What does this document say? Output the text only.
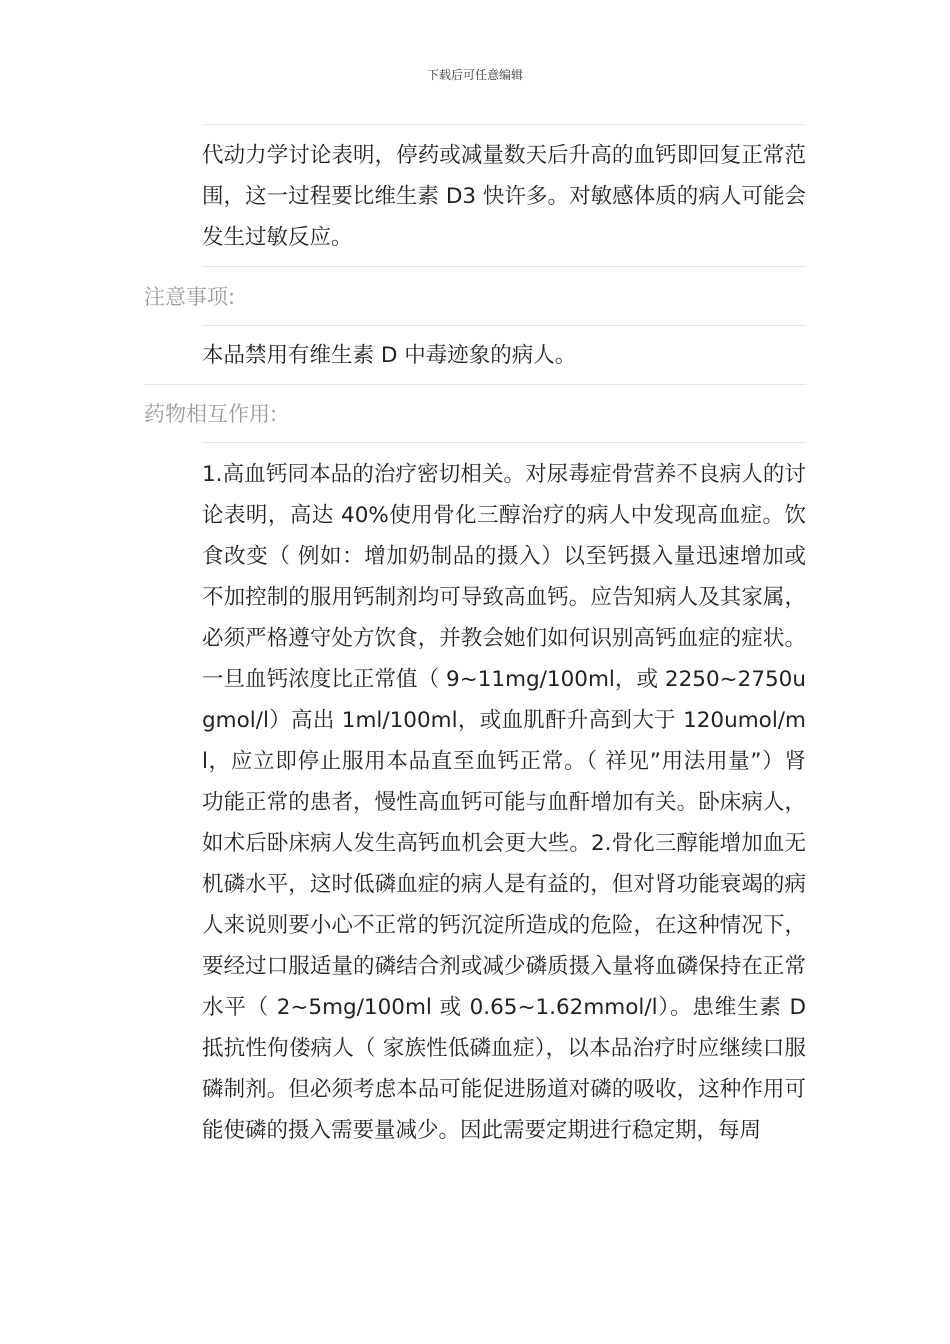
下载后可任意编辑

代动力学讨论表明，停药或减量数天后升高的血钙即回复正常范围，这一过程要比维生素 D3 快许多。对敏感体质的病人可能会发生过敏反应。

注意事项:

本品禁用有维生素 D 中毒迹象的病人。

药物相互作用:

1.高血钙同本品的治疗密切相关。对尿毒症骨营养不良病人的讨论表明，高达 40%使用骨化三醇治疗的病人中发现高血症。饮食改变（ 例如：增加奶制品的摄入）以至钙摄入量迅速增加或不加控制的服用钙制剂均可导致高血钙。应告知病人及其家属，必须严格遵守处方饮食，并教会她们如何识别高钙血症的症状。一旦血钙浓度比正常值（ 9~11mg/100ml，或 2250~2750ugmol/l）高出 1ml/100ml，或血肌酐升高到大于 120umol/ml，应立即停止服用本品直至血钙正常。（ 祥见”用法用量”）肾功能正常的患者，慢性高血钙可能与血酐增加有关。卧床病人，如术后卧床病人发生高钙血机会更大些。2.骨化三醇能增加血无机磷水平，这时低磷血症的病人是有益的，但对肾功能衰竭的病人来说则要小心不正常的钙沉淀所造成的危险，在这种情况下，要经过口服适量的磷结合剂或减少磷质摄入量将血磷保持在正常水平（ 2~5mg/100ml 或 0.65~1.62mmol/l）。患维生素 D 抵抗性佝偻病人（ 家族性低磷血症），以本品治疗时应继续口服磷制剂。但必须考虑本品可能促进肠道对磷的吸收，这种作用可能使磷的摄入需要量减少。因此需要定期进行稳定期，每周
